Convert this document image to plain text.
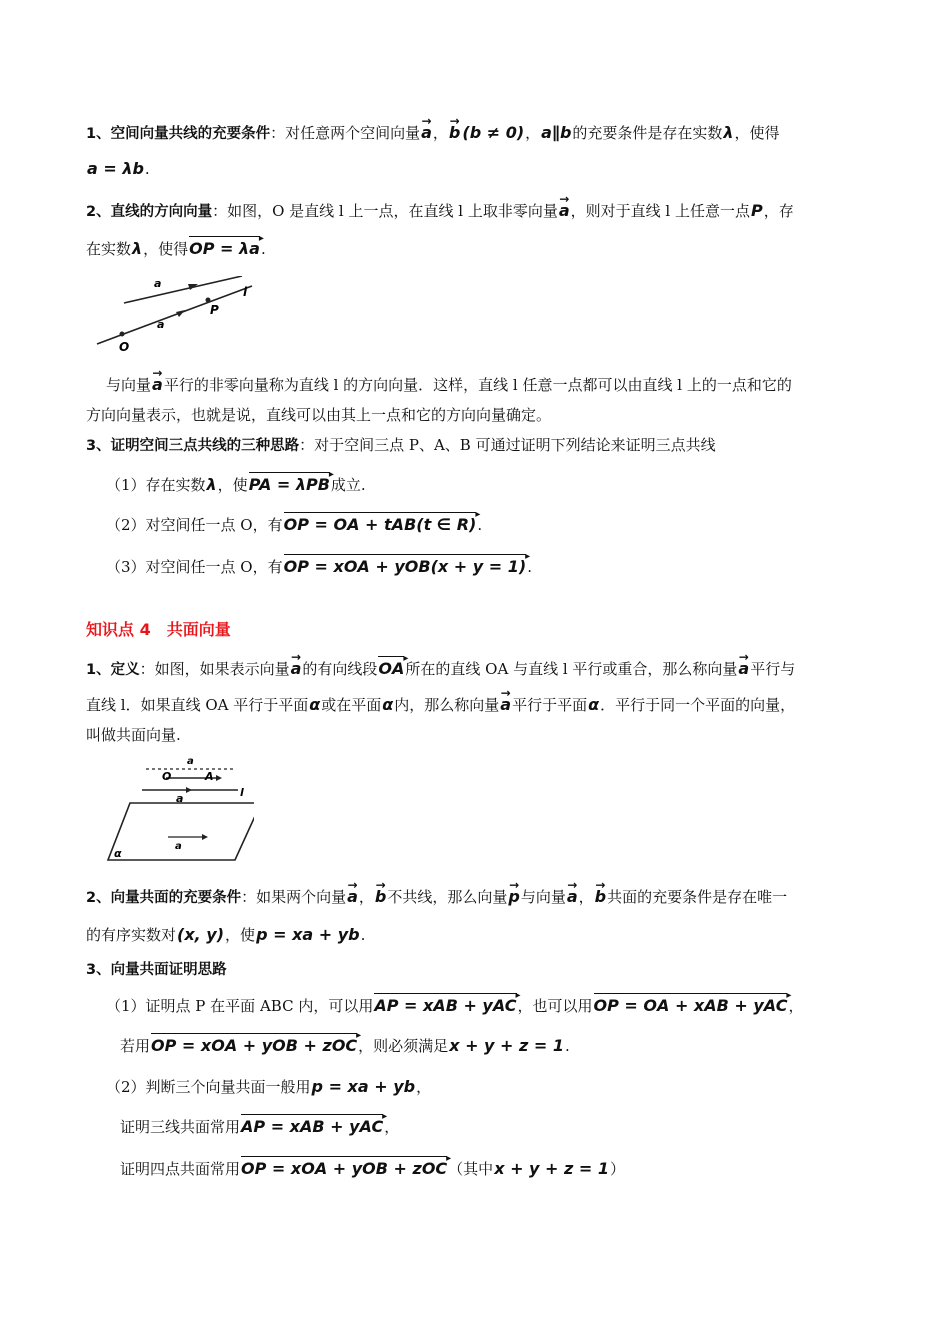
1、空间向量共线的充要条件：对任意两个空间向量→ a，→ b (b ≠ 0)，a∥b的充要条件是存在实数λ，使得
a = λb.
2、直线的方向向量：如图，O 是直线 l 上一点，在直线 l 上取非零向量→ a，则对于直线 l 上任意一点P，存
在实数λ，使得OP = λa ▸.
a
a
P
O
l
与向量→ a平行的非零向量称为直线 l 的方向向量．这样，直线 l 任意一点都可以由直线 l 上的一点和它的
方向向量表示，也就是说，直线可以由其上一点和它的方向向量确定。
3、证明空间三点共线的三种思路：对于空间三点 P、A、B 可通过证明下列结论来证明三点共线
（1）存在实数λ，使PA = λPB ▸成立.
（2）对空间任一点 O，有OP = OA + tAB(t ∈ R) ▸.
（3）对空间任一点 O，有OP = xOA + yOB(x + y = 1) ▸.
知识点 4　共面向量
1、定义：如图，如果表示向量→ a的有向线段OA ▸所在的直线 OA 与直线 l 平行或重合，那么称向量→ a平行与
直线 l．如果直线 OA 平行于平面α或在平面α内，那么称向量→ a平行于平面α．平行于同一个平面的向量，
叫做共面向量.
a
O	A
a	l
a
α
2、向量共面的充要条件：如果两个向量→ a，→ b不共线，那么向量→ p与向量→ a，→ b共面的充要条件是存在唯一
的有序实数对(x, y)，使p = xa + yb.
3、向量共面证明思路
（1）证明点 P 在平面 ABC 内，可以用AP = xAB + yAC ▸，也可以用OP = OA + xAB + yAC ▸，
若用OP = xOA + yOB + zOC ▸，则必须满足x + y + z = 1.
（2）判断三个向量共面一般用p = xa + yb，
证明三线共面常用AP = xAB + yAC ▸，
证明四点共面常用OP = xOA + yOB + zOC ▸（其中x + y + z = 1）
